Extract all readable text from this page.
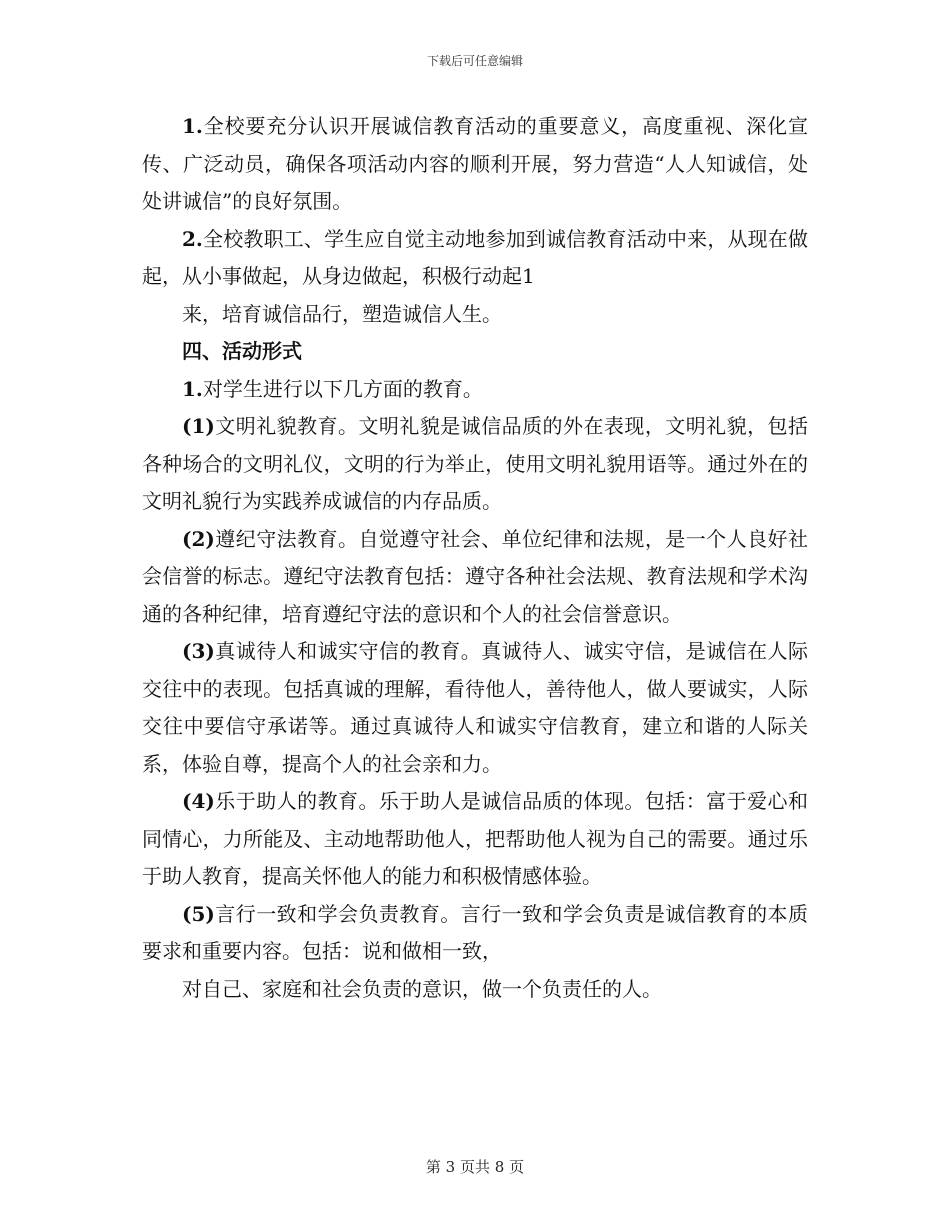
下载后可任意编辑

1.全校要充分认识开展诚信教育活动的重要意义，高度重视、深化宣传、广泛动员，确保各项活动内容的顺利开展，努力营造“人人知诚信，处处讲诚信”的良好氛围。

2.全校教职工、学生应自觉主动地参加到诚信教育活动中来，从现在做起，从小事做起，从身边做起，积极行动起1

来，培育诚信品行，塑造诚信人生。

四、活动形式

1.对学生进行以下几方面的教育。

(1)文明礼貌教育。文明礼貌是诚信品质的外在表现，文明礼貌，包括各种场合的文明礼仪，文明的行为举止，使用文明礼貌用语等。通过外在的文明礼貌行为实践养成诚信的内存品质。

(2)遵纪守法教育。自觉遵守社会、单位纪律和法规，是一个人良好社会信誉的标志。遵纪守法教育包括：遵守各种社会法规、教育法规和学术沟通的各种纪律，培育遵纪守法的意识和个人的社会信誉意识。

(3)真诚待人和诚实守信的教育。真诚待人、诚实守信，是诚信在人际交往中的表现。包括真诚的理解，看待他人，善待他人，做人要诚实，人际交往中要信守承诺等。通过真诚待人和诚实守信教育，建立和谐的人际关系，体验自尊，提高个人的社会亲和力。

(4)乐于助人的教育。乐于助人是诚信品质的体现。包括：富于爱心和同情心，力所能及、主动地帮助他人，把帮助他人视为自己的需要。通过乐于助人教育，提高关怀他人的能力和积极情感体验。

(5)言行一致和学会负责教育。言行一致和学会负责是诚信教育的本质要求和重要内容。包括：说和做相一致，

对自己、家庭和社会负责的意识，做一个负责任的人。

第 3 页共 8 页
